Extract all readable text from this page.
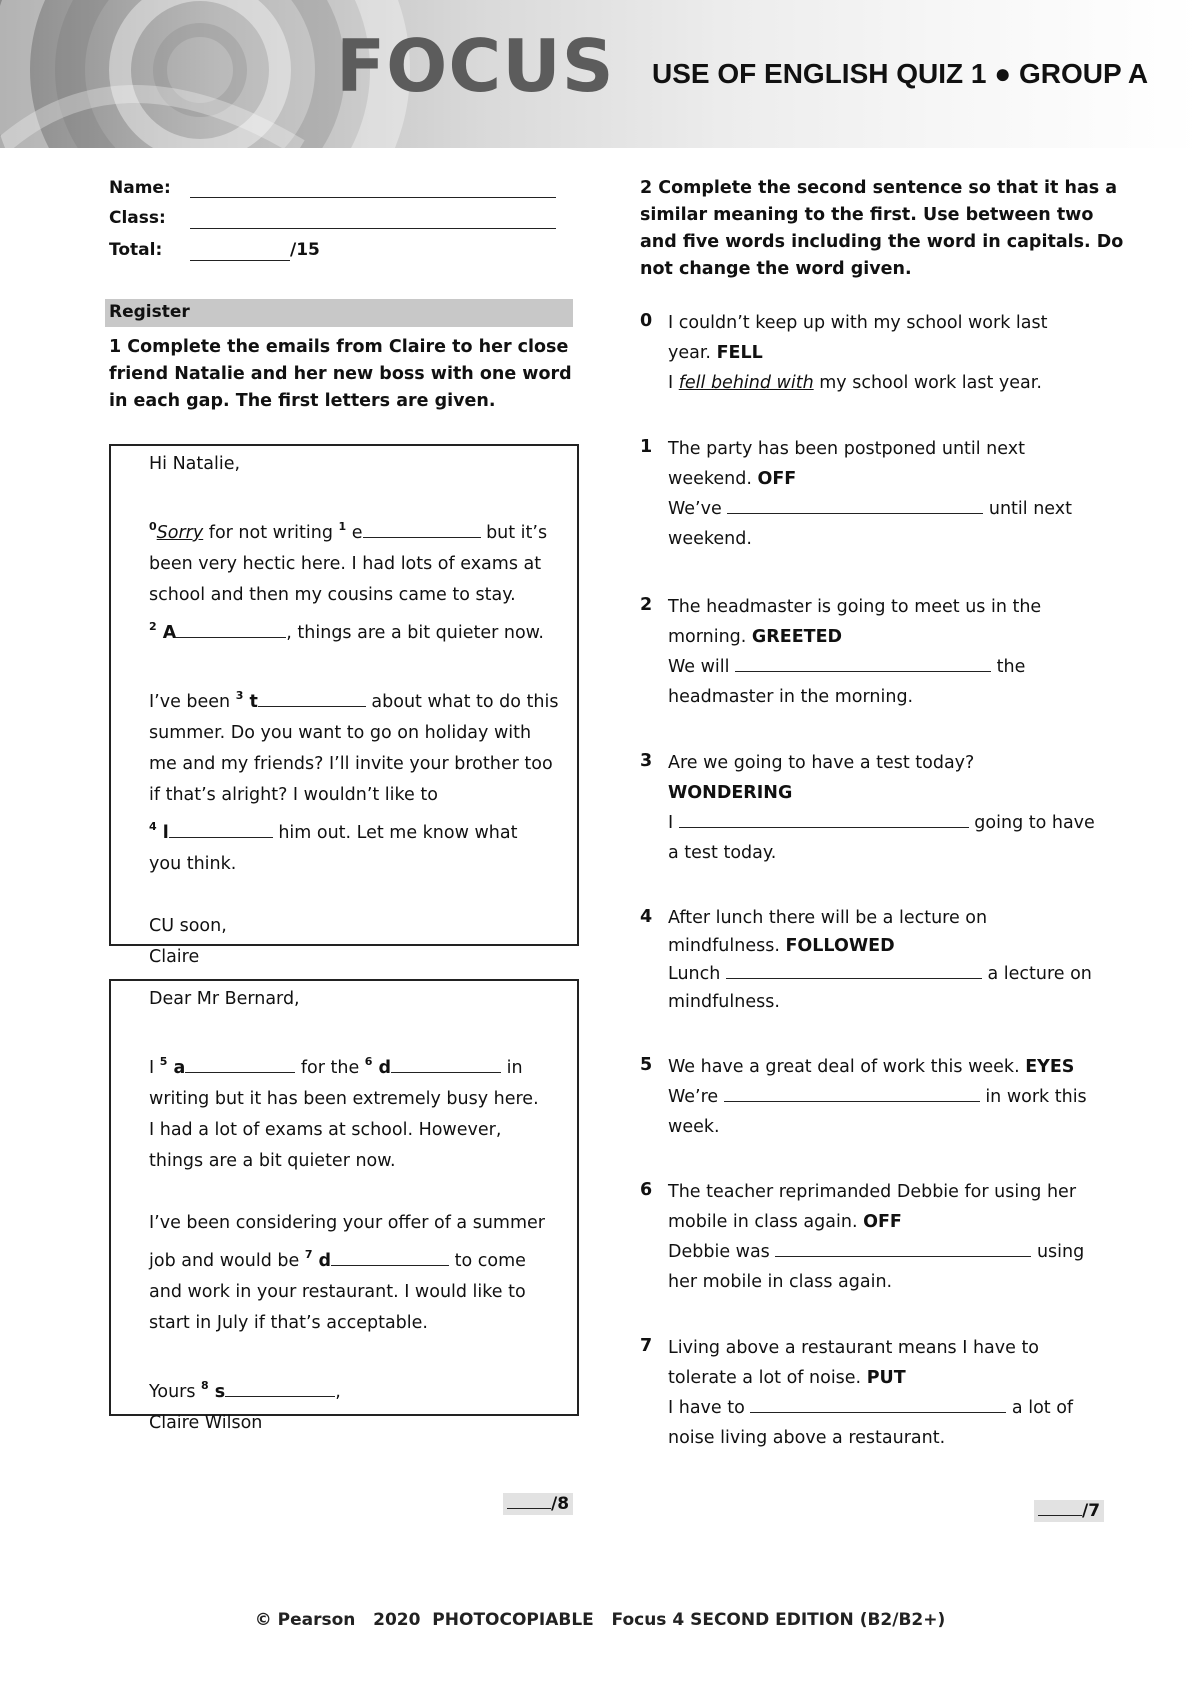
FOCUS USE OF ENGLISH QUIZ 1 ● GROUP A
Name:
Class:
Total:	/15
Register
1 Complete the emails from Claire to her close
friend Natalie and her new boss with one word
in each gap. The first letters are given.
Hi Natalie,

$^0$Sorry for not writing $^1$ e	but it’s
been very hectic here. I had lots of exams at
school and then my cousins came to stay.
$^2$ A	, things are a bit quieter now.

I’ve been $^3$ t	about what to do this
summer. Do you want to go on holiday with
me and my friends? I’ll invite your brother too
if that’s alright? I wouldn’t like to
$^4$ l	him out. Let me know what
you think.

CU soon,
Claire
Dear Mr Bernard,

I $^5$ a	for the $^6$ d	in
writing but it has been extremely busy here.
I had a lot of exams at school. However,
things are a bit quieter now.

I’ve been considering your offer of a summer
job and would be $^7$ d	to come
and work in your restaurant. I would like to
start in July if that’s acceptable.

Yours $^8$ s	,
Claire Wilson
/8
2 Complete the second sentence so that it has a
similar meaning to the first. Use between two
and five words including the word in capitals. Do
not change the word given.
0 I couldn’t keep up with my school work last
year. FELL
I fell behind with my school work last year.
1 The party has been postponed until next
weekend. OFF
We’ve	until next
weekend.
2 The headmaster is going to meet us in the
morning. GREETED
We will	the
headmaster in the morning.
3 Are we going to have a test today?
WONDERING
I	going to have
a test today.
4 After lunch there will be a lecture on
mindfulness. FOLLOWED
Lunch	a lecture on
mindfulness.
5 We have a great deal of work this week. EYES
We’re	in work this
week.
6 The teacher reprimanded Debbie for using her
mobile in class again. OFF
Debbie was	using
her mobile in class again.
7 Living above a restaurant means I have to
tolerate a lot of noise. PUT
I have to	a lot of
noise living above a restaurant.
/7
© Pearson   2020  PHOTOCOPIABLE   Focus 4 SECOND EDITION (B2/B2+)
